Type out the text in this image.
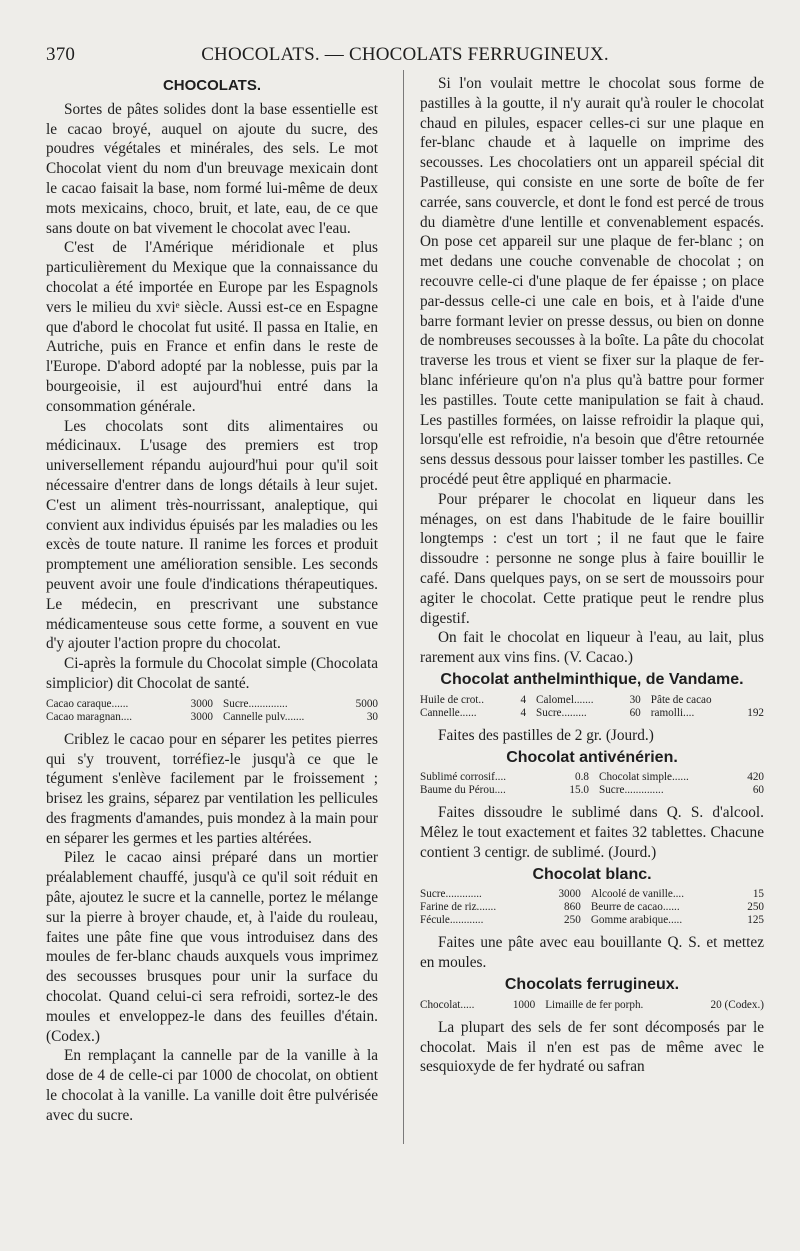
370	CHOCOLATS. — CHOCOLATS FERRUGINEUX.
CHOCOLATS.

Sortes de pâtes solides dont la base essentielle est le cacao broyé, auquel on ajoute du sucre, des poudres végétales et minérales, des sels. Le mot Chocolat vient du nom d'un breuvage mexicain dont le cacao faisait la base, nom formé lui-même de deux mots mexicains, choco, bruit, et late, eau, de ce que sans doute on bat vivement le chocolat avec l'eau.

C'est de l'Amérique méridionale et plus particulièrement du Mexique que la connaissance du chocolat a été importée en Europe par les Espagnols vers le milieu du xviᵉ siècle. Aussi est-ce en Espagne que d'abord le chocolat fut usité. Il passa en Italie, en Autriche, puis en France et enfin dans le reste de l'Europe. D'abord adopté par la noblesse, puis par la bourgeoisie, il est aujourd'hui entré dans la consommation générale.

Les chocolats sont dits alimentaires ou médicinaux. L'usage des premiers est trop universellement répandu aujourd'hui pour qu'il soit nécessaire d'entrer dans de longs détails à leur sujet. C'est un aliment très-nourrissant, analeptique, qui convient aux individus épuisés par les maladies ou les excès de toute nature. Il ranime les forces et produit promptement une amélioration sensible. Les seconds peuvent avoir une foule d'indications thérapeutiques. Le médecin, en prescrivant une substance médicamenteuse sous cette forme, a souvent en vue d'y ajouter l'action propre du chocolat.

Ci-après la formule du Chocolat simple (Chocolata simplicior) dit Chocolat de santé.

Cacao caraque......	3000	Sucre..............	5000
Cacao maragnan....	3000	Cannelle pulv.......	30

Criblez le cacao pour en séparer les petites pierres qui s'y trouvent, torréfiez-le jusqu'à ce que le tégument s'enlève facilement par le froissement ; brisez les grains, séparez par ventilation les pellicules des fragments d'amandes, puis mondez à la main pour en séparer les germes et les parties altérées.

Pilez le cacao ainsi préparé dans un mortier préalablement chauffé, jusqu'à ce qu'il soit réduit en pâte, ajoutez le sucre et la cannelle, portez le mélange sur la pierre à broyer chaude, et, à l'aide du rouleau, faites une pâte fine que vous introduisez dans des moules de fer-blanc chauds auxquels vous imprimez des secousses brusques pour unir la surface du chocolat. Quand celui-ci sera refroidi, sortez-le des moules et enveloppez-le dans des feuilles d'étain. (Codex.)

En remplaçant la cannelle par de la vanille à la dose de 4 de celle-ci par 1000 de chocolat, on obtient le chocolat à la vanille. La vanille doit être pulvérisée avec du sucre.

Si l'on voulait mettre le chocolat sous forme de pastilles à la goutte, il n'y aurait qu'à rouler le chocolat chaud en pilules, espacer celles-ci sur une plaque en fer-blanc chaude et à laquelle on imprime des secousses. Les chocolatiers ont un appareil spécial dit Pastilleuse, qui consiste en une sorte de boîte de fer carrée, sans couvercle, et dont le fond est percé de trous du diamètre d'une lentille et convenablement espacés. On pose cet appareil sur une plaque de fer-blanc ; on met dedans une couche convenable de chocolat ; on recouvre celle-ci d'une plaque de fer épaisse ; on place par-dessus celle-ci une cale en bois, et à l'aide d'une barre formant levier on presse dessus, ou bien on donne de nombreuses secousses à la boîte. La pâte du chocolat traverse les trous et vient se fixer sur la plaque de fer-blanc inférieure qu'on n'a plus qu'à battre pour former les pastilles. Toute cette manipulation se fait à chaud. Les pastilles formées, on laisse refroidir la plaque qui, lorsqu'elle est refroidie, n'a besoin que d'être retournée sens dessus dessous pour laisser tomber les pastilles. Ce procédé peut être appliqué en pharmacie.

Pour préparer le chocolat en liqueur dans les ménages, on est dans l'habitude de le faire bouillir longtemps : c'est un tort ; il ne faut que le faire dissoudre : personne ne songe plus à faire bouillir le café. Dans quelques pays, on se sert de moussoirs pour agiter le chocolat. Cette pratique peut le rendre plus digestif.

On fait le chocolat en liqueur à l'eau, au lait, plus rarement aux vins fins. (V. Cacao.)

Chocolat anthelminthique, de Vandame.
Huile de crot..	4	Calomel.......	30	Pâte de cacao	
Cannelle......	4	Sucre.........	60	ramolli....	192

Faites des pastilles de 2 gr. (Jourd.)

Chocolat antivénérien.
Sublimé corrosif....	0.8	Chocolat simple......	420
Baume du Pérou....	15.0	Sucre..............	60

Faites dissoudre le sublimé dans Q. S. d'alcool. Mêlez le tout exactement et faites 32 tablettes. Chacune contient 3 centigr. de sublimé. (Jourd.)

Chocolat blanc.
Sucre.............	3000	Alcoolé de vanille....	15
Farine de riz.......	860	Beurre de cacao......	250
Fécule............	250	Gomme arabique.....	125

Faites une pâte avec eau bouillante Q. S. et mettez en moules.

Chocolats ferrugineux.
Chocolat.....	1000	Limaille de fer porph.	20 (Codex.)

La plupart des sels de fer sont décomposés par le chocolat. Mais il n'en est pas de même avec le sesquioxyde de fer hydraté ou safran
